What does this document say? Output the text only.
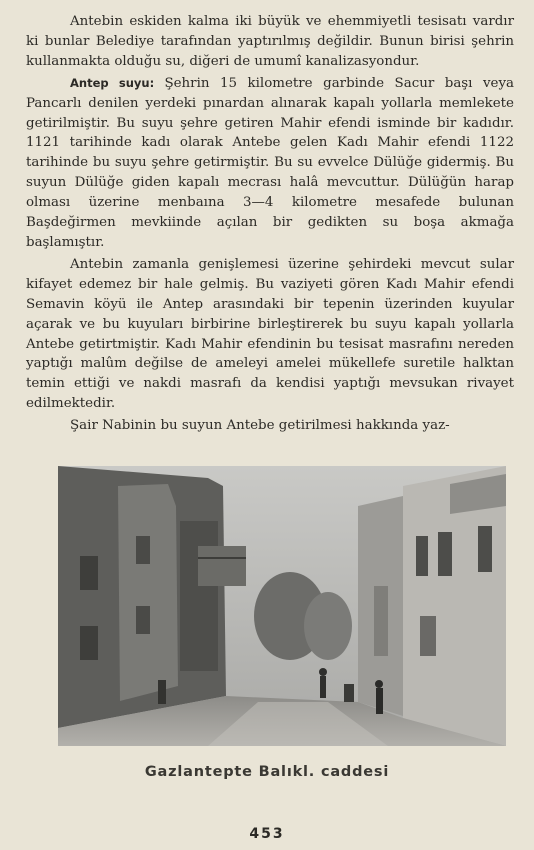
Antebin eskiden kalma iki büyük ve ehemmiyetli tesisatı vardır ki bunlar Belediye tarafından yaptırılmış değildir. Bunun birisi şehrin kullanmakta olduğu su, diğeri de umumî kanalizasyondur.

Antep suyu: Şehrin 15 kilometre garbinde Sacur başı veya Pancarlı denilen yerdeki pınardan alınarak kapalı yollarla memlekete getirilmiştir. Bu suyu şehre getiren Mahir efendi isminde bir kadıdır. 1121 tarihinde kadı olarak Antebe gelen Kadı Mahir efendi 1122 tarihinde bu suyu şehre getirmiştir. Bu su evvelce Dülüğe gidermiş. Bu suyun Dülüğe giden kapalı mecrası halâ mevcuttur. Dülüğün harap olması üzerine menbaına 3—4 kilometre mesafede bulunan Başdeğirmen mevkiinde açılan bir gedikten su boşa akmağa başlamıştır.

Antebin zamanla genişlemesi üzerine şehirdeki mevcut sular kifayet edemez bir hale gelmiş. Bu vaziyeti gören Kadı Mahir efendi Semavin köyü ile Antep arasındaki bir tepenin üzerinden kuyular açarak ve bu kuyuları birbirine birleştirerek bu suyu kapalı yollarla Antebe getirtmiştir. Kadı Mahir efendinin bu tesisat masrafını nereden yaptığı malûm değilse de ameleyi amelei mükellefe suretile halktan temin ettiği ve nakdi masrafı da kendisi yaptığı mevsukan rivayet edilmektedir.

Şair Nabinin bu suyun Antebe getirilmesi hakkında yaz-

Gazlantepte Balıkl. caddesi
453
